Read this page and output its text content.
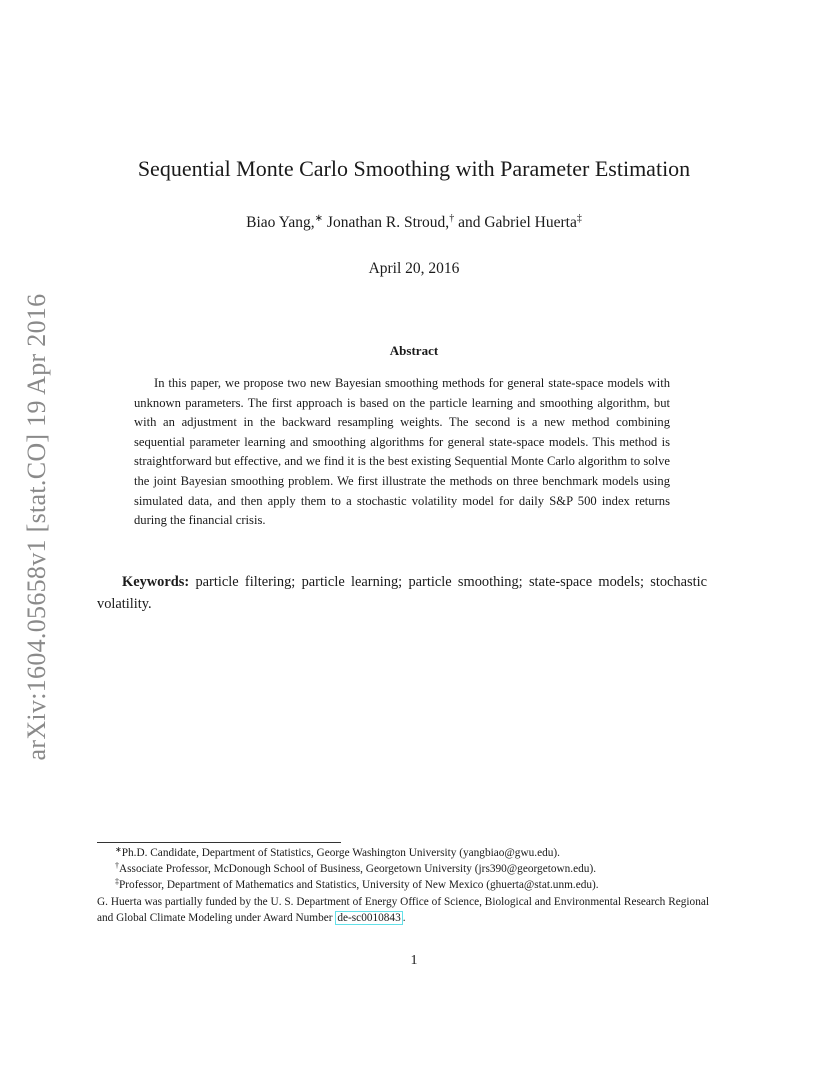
arXiv:1604.05658v1 [stat.CO] 19 Apr 2016
Sequential Monte Carlo Smoothing with Parameter Estimation
Biao Yang,∗ Jonathan R. Stroud,† and Gabriel Huerta‡
April 20, 2016
Abstract
In this paper, we propose two new Bayesian smoothing methods for general state-space models with unknown parameters. The first approach is based on the particle learning and smoothing algorithm, but with an adjustment in the backward resampling weights. The second is a new method combining sequential parameter learning and smoothing algorithms for general state-space models. This method is straightforward but effective, and we find it is the best existing Sequential Monte Carlo algorithm to solve the joint Bayesian smoothing problem. We first illustrate the methods on three benchmark models using simulated data, and then apply them to a stochastic volatility model for daily S&P 500 index returns during the financial crisis.
Keywords: particle filtering; particle learning; particle smoothing; state-space models; stochastic volatility.
∗Ph.D. Candidate, Department of Statistics, George Washington University (yangbiao@gwu.edu).
†Associate Professor, McDonough School of Business, Georgetown University (jrs390@georgetown.edu).
‡Professor, Department of Mathematics and Statistics, University of New Mexico (ghuerta@stat.unm.edu).
G. Huerta was partially funded by the U. S. Department of Energy Office of Science, Biological and Environmental Research Regional and Global Climate Modeling under Award Number de-sc0010843 .
1
